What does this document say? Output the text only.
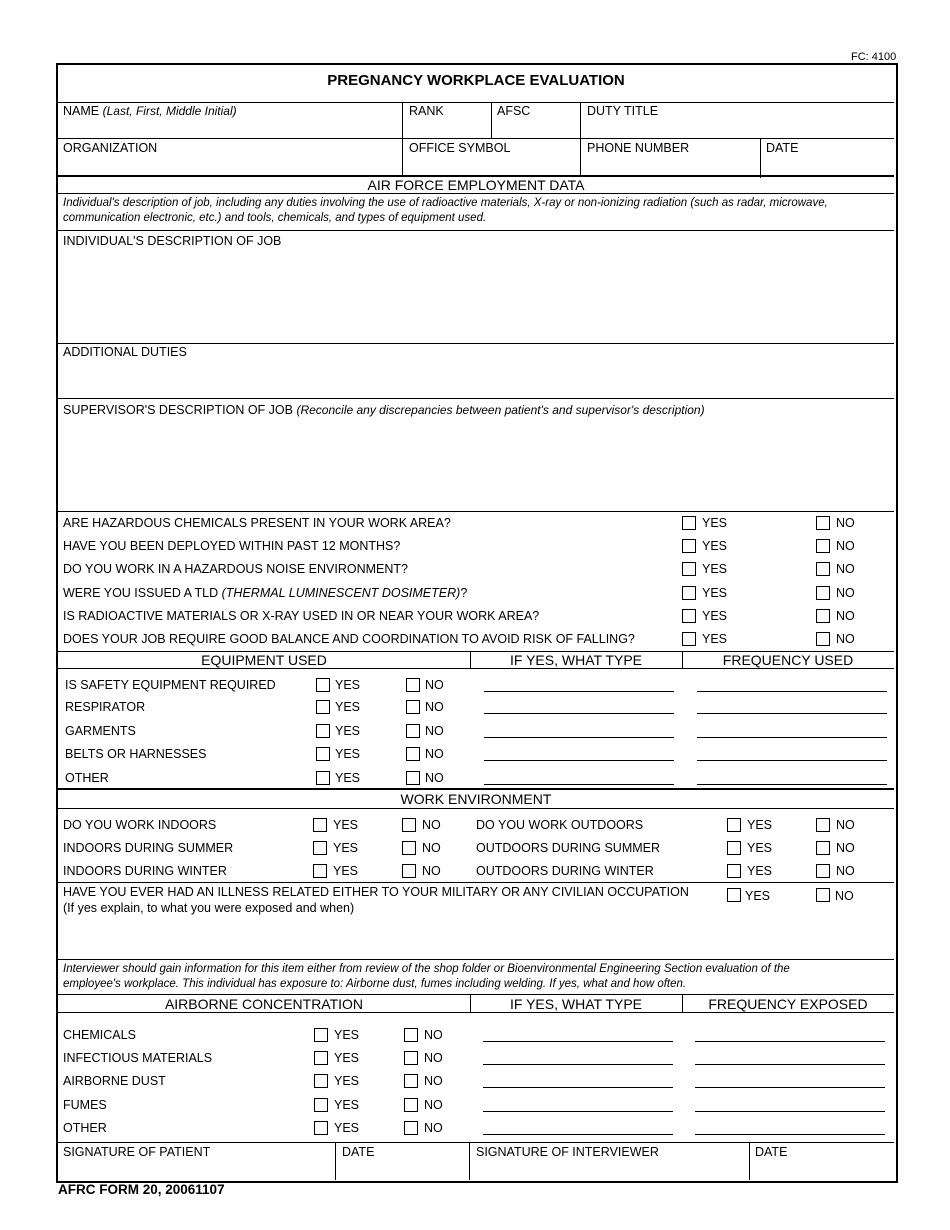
FC: 4100
PREGNANCY WORKPLACE EVALUATION
NAME (Last, First, Middle Initial)	RANK	AFSC	DUTY TITLE
ORGANIZATION	OFFICE SYMBOL	PHONE NUMBER	DATE
AIR FORCE EMPLOYMENT DATA
Individual's description of job, including any duties involving the use of radioactive materials, X-ray or non-ionizing radiation (such as radar, microwave,
communication electronic, etc.) and tools, chemicals, and types of equipment used.
INDIVIDUAL'S DESCRIPTION OF JOB
ADDITIONAL DUTIES
SUPERVISOR'S DESCRIPTION OF JOB (Reconcile any discrepancies between patient's and supervisor's description)
ARE HAZARDOUS CHEMICALS PRESENT IN YOUR WORK AREA?	YES	NO
HAVE YOU BEEN DEPLOYED WITHIN PAST 12 MONTHS?	YES	NO
DO YOU WORK IN A HAZARDOUS NOISE ENVIRONMENT?	YES	NO
WERE YOU ISSUED A TLD (THERMAL LUMINESCENT DOSIMETER)?	YES	NO
IS RADIOACTIVE MATERIALS OR X-RAY USED IN OR NEAR YOUR WORK AREA?	YES	NO
DOES YOUR JOB REQUIRE GOOD BALANCE AND COORDINATION TO AVOID RISK OF FALLING?	YES	NO
EQUIPMENT USED	IF YES, WHAT TYPE	FREQUENCY USED
IS SAFETY EQUIPMENT REQUIRED	YES	NO
RESPIRATOR	YES	NO
GARMENTS	YES	NO
BELTS OR HARNESSES	YES	NO
OTHER	YES	NO
WORK ENVIRONMENT
DO YOU WORK INDOORS	YES	NO	DO YOU WORK OUTDOORS	YES	NO
INDOORS DURING SUMMER	YES	NO	OUTDOORS DURING SUMMER	YES	NO
INDOORS DURING WINTER	YES	NO	OUTDOORS DURING WINTER	YES	NO
HAVE YOU EVER HAD AN ILLNESS RELATED EITHER TO YOUR MILITARY OR ANY CIVILIAN OCCUPATION
(If yes explain, to what you were exposed and when)
YES	NO
Interviewer should gain information for this item either from review of the shop folder or Bioenvironmental Engineering Section evaluation of the
employee's workplace. This individual has exposure to: Airborne dust, fumes including welding. If yes, what and how often.
AIRBORNE CONCENTRATION	IF YES, WHAT TYPE	FREQUENCY EXPOSED
CHEMICALS	YES	NO
INFECTIOUS MATERIALS	YES	NO
AIRBORNE DUST	YES	NO
FUMES	YES	NO
OTHER	YES	NO
SIGNATURE OF PATIENT	DATE	SIGNATURE OF INTERVIEWER	DATE
AFRC FORM 20, 20061107
